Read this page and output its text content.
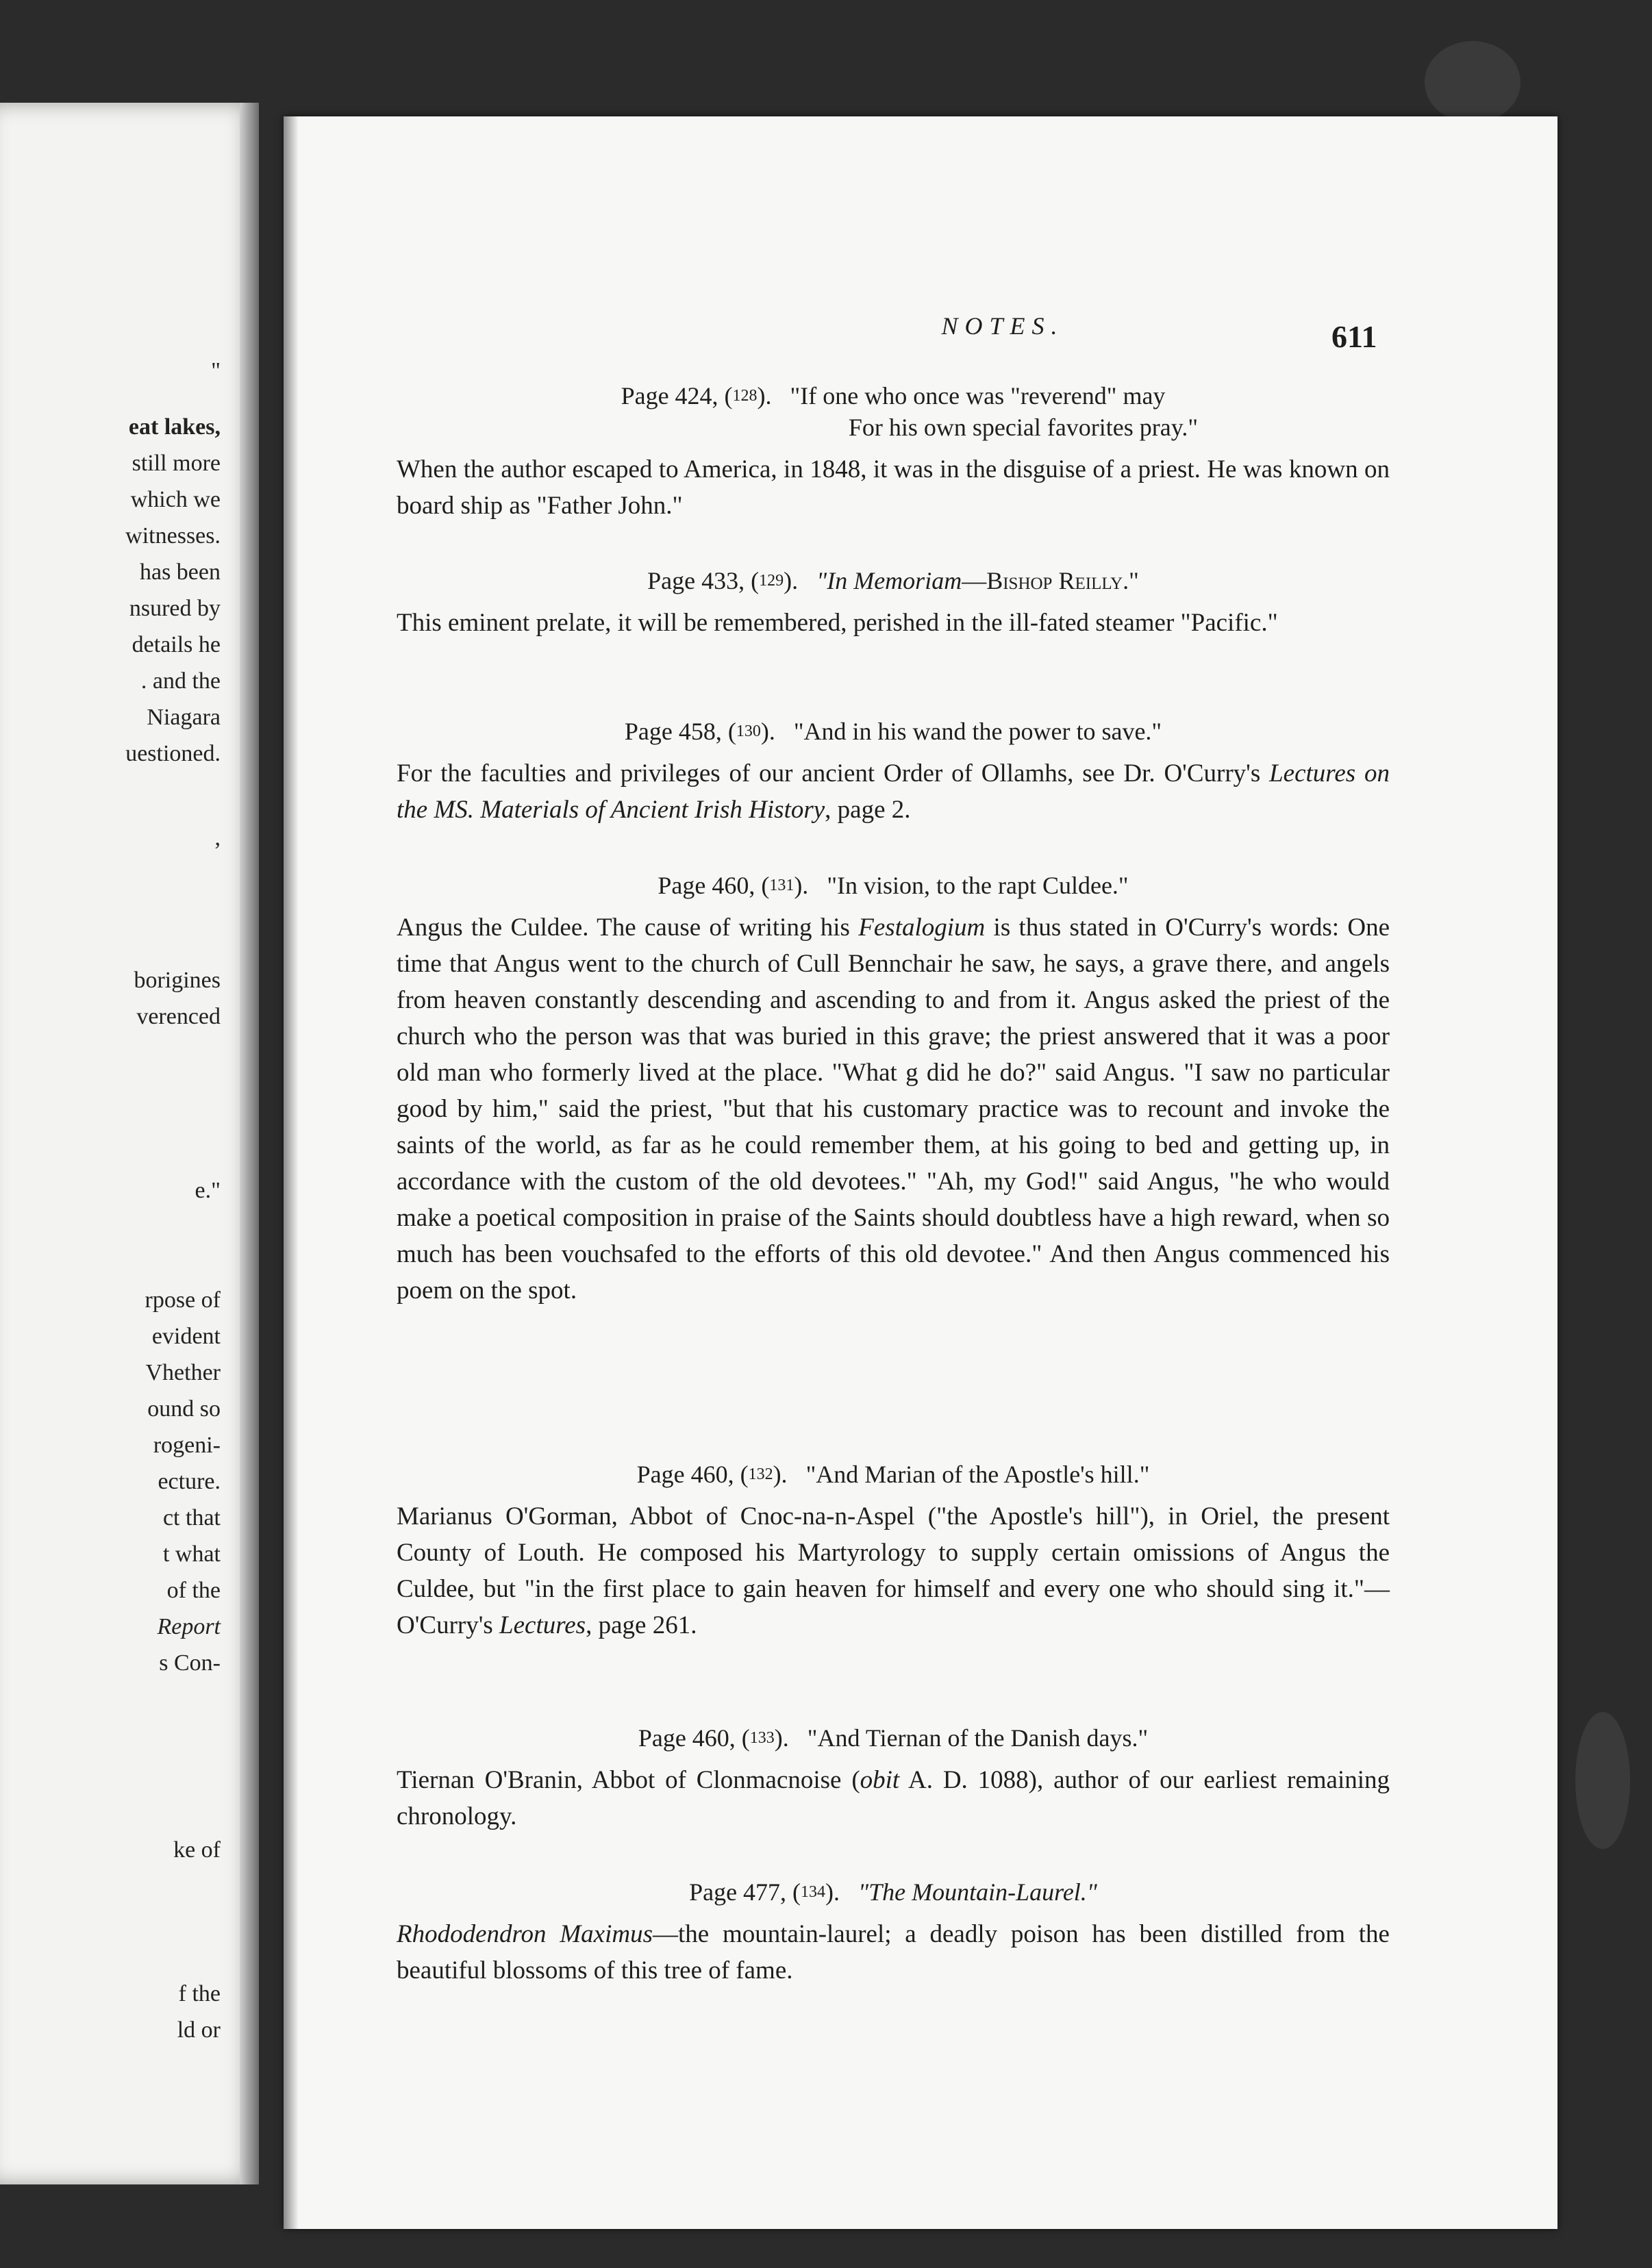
"
eat lakes,
still more
which we
witnesses.
has been
nsured by
details he
. and the
Niagara
uestioned.
,
borigines
verenced
e."
rpose of
evident
Vhether
ound so
rogeni-
ecture.
ct that
t what
of the
Report
s Con-
ke of
f the
ld or
NOTES.	611
Page 424, ($^{128}$). "If one who once was "reverend" may
For his own special favorites pray."

When the author escaped to America, in 1848, it was in the disguise of a priest. He was known on board ship as "Father John."

Page 433, ($^{129}$). "In Memoriam—Bishop Reilly."

This eminent prelate, it will be remembered, perished in the ill-fated steamer "Pacific."

Page 458, ($^{130}$). "And in his wand the power to save."

For the faculties and privileges of our ancient Order of Ollamhs, see Dr. O'Curry's Lectures on the MS. Materials of Ancient Irish History, page 2.

Page 460, ($^{131}$). "In vision, to the rapt Culdee."

Angus the Culdee. The cause of writing his Festalogium is thus stated in O'Curry's words: One time that Angus went to the church of Cull Bennchair he saw, he says, a grave there, and angels from heaven constantly descending and ascending to and from it. Angus asked the priest of the church who the person was that was buried in this grave; the priest answered that it was a poor old man who formerly lived at the place. "What g did he do?" said Angus. "I saw no particular good by him," said the priest, "but that his customary practice was to recount and invoke the saints of the world, as far as he could remember them, at his going to bed and getting up, in accordance with the custom of the old devotees." "Ah, my God!" said Angus, "he who would make a poetical composition in praise of the Saints should doubtless have a high reward, when so much has been vouchsafed to the efforts of this old devotee." And then Angus commenced his poem on the spot.

Page 460, ($^{132}$). "And Marian of the Apostle's hill."

Marianus O'Gorman, Abbot of Cnoc-na-n-Aspel ("the Apostle's hill"), in Oriel, the present County of Louth. He composed his Martyrology to supply certain omissions of Angus the Culdee, but "in the first place to gain heaven for himself and every one who should sing it."—O'Curry's Lectures, page 261.

Page 460, ($^{133}$). "And Tiernan of the Danish days."

Tiernan O'Branin, Abbot of Clonmacnoise (obit A. D. 1088), author of our earliest remaining chronology.

Page 477, ($^{134}$). "The Mountain-Laurel."

Rhododendron Maximus—the mountain-laurel; a deadly poison has been distilled from the beautiful blossoms of this tree of fame.
